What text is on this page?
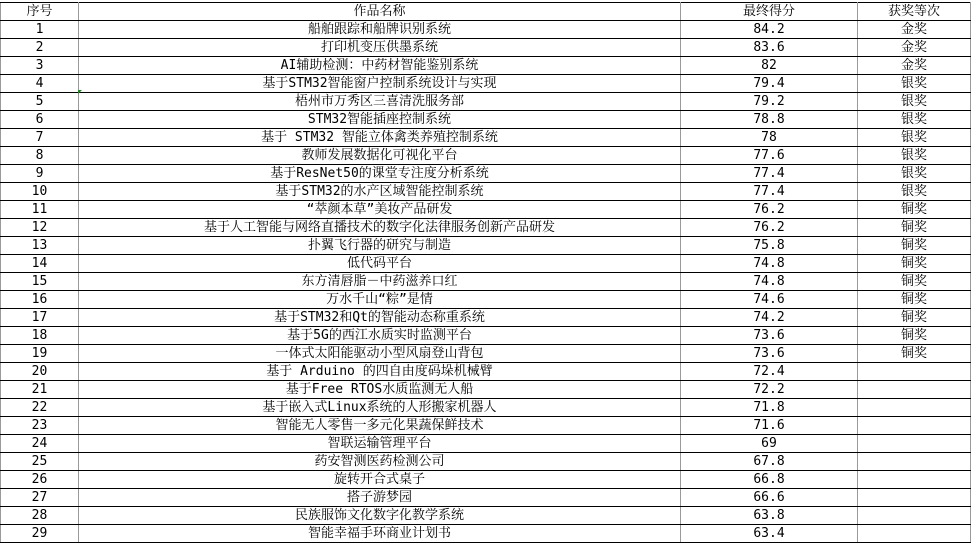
序号	作品名称	最终得分	获奖等次
1	船舶跟踪和船牌识别系统	84.2	金奖
2	打印机变压供墨系统	83.6	金奖
3	AI辅助检测：中药材智能鉴别系统	82	金奖
4	基于STM32智能窗户控制系统设计与实现	79.4	银奖
5	梧州市万秀区三喜清洗服务部	79.2	银奖
6	STM32智能插座控制系统	78.8	银奖
7	基于 STM32 智能立体禽类养殖控制系统	78	银奖
8	教师发展数据化可视化平台	77.6	银奖
9	基于ResNet50的课堂专注度分析系统	77.4	银奖
10	基于STM32的水产区域智能控制系统	77.4	银奖
11	“萃颜本草”美妆产品研发	76.2	铜奖
12	基于人工智能与网络直播技术的数字化法律服务创新产品研发	76.2	铜奖
13	扑翼飞行器的研究与制造	75.8	铜奖
14	低代码平台	74.8	铜奖
15	东方清唇脂－中药滋养口红	74.8	铜奖
16	万水千山“粽”是情	74.6	铜奖
17	基于STM32和Qt的智能动态称重系统	74.2	铜奖
18	基于5G的西江水质实时监测平台	73.6	铜奖
19	一体式太阳能驱动小型风扇登山背包	73.6	铜奖
20	基于 Arduino 的四自由度码垛机械臂	72.4	
21	基于Free RTOS水质监测无人船	72.2	
22	基于嵌入式Linux系统的人形搬家机器人	71.8	
23	智能无人零售一多元化果蔬保鲜技术	71.6	
24	智联运输管理平台	69	
25	药安智测医药检测公司	67.8	
26	旋转开合式桌子	66.8	
27	搭子游梦园	66.6	
28	民族服饰文化数字化教学系统	63.8	
29	智能幸福手环商业计划书	63.4	
